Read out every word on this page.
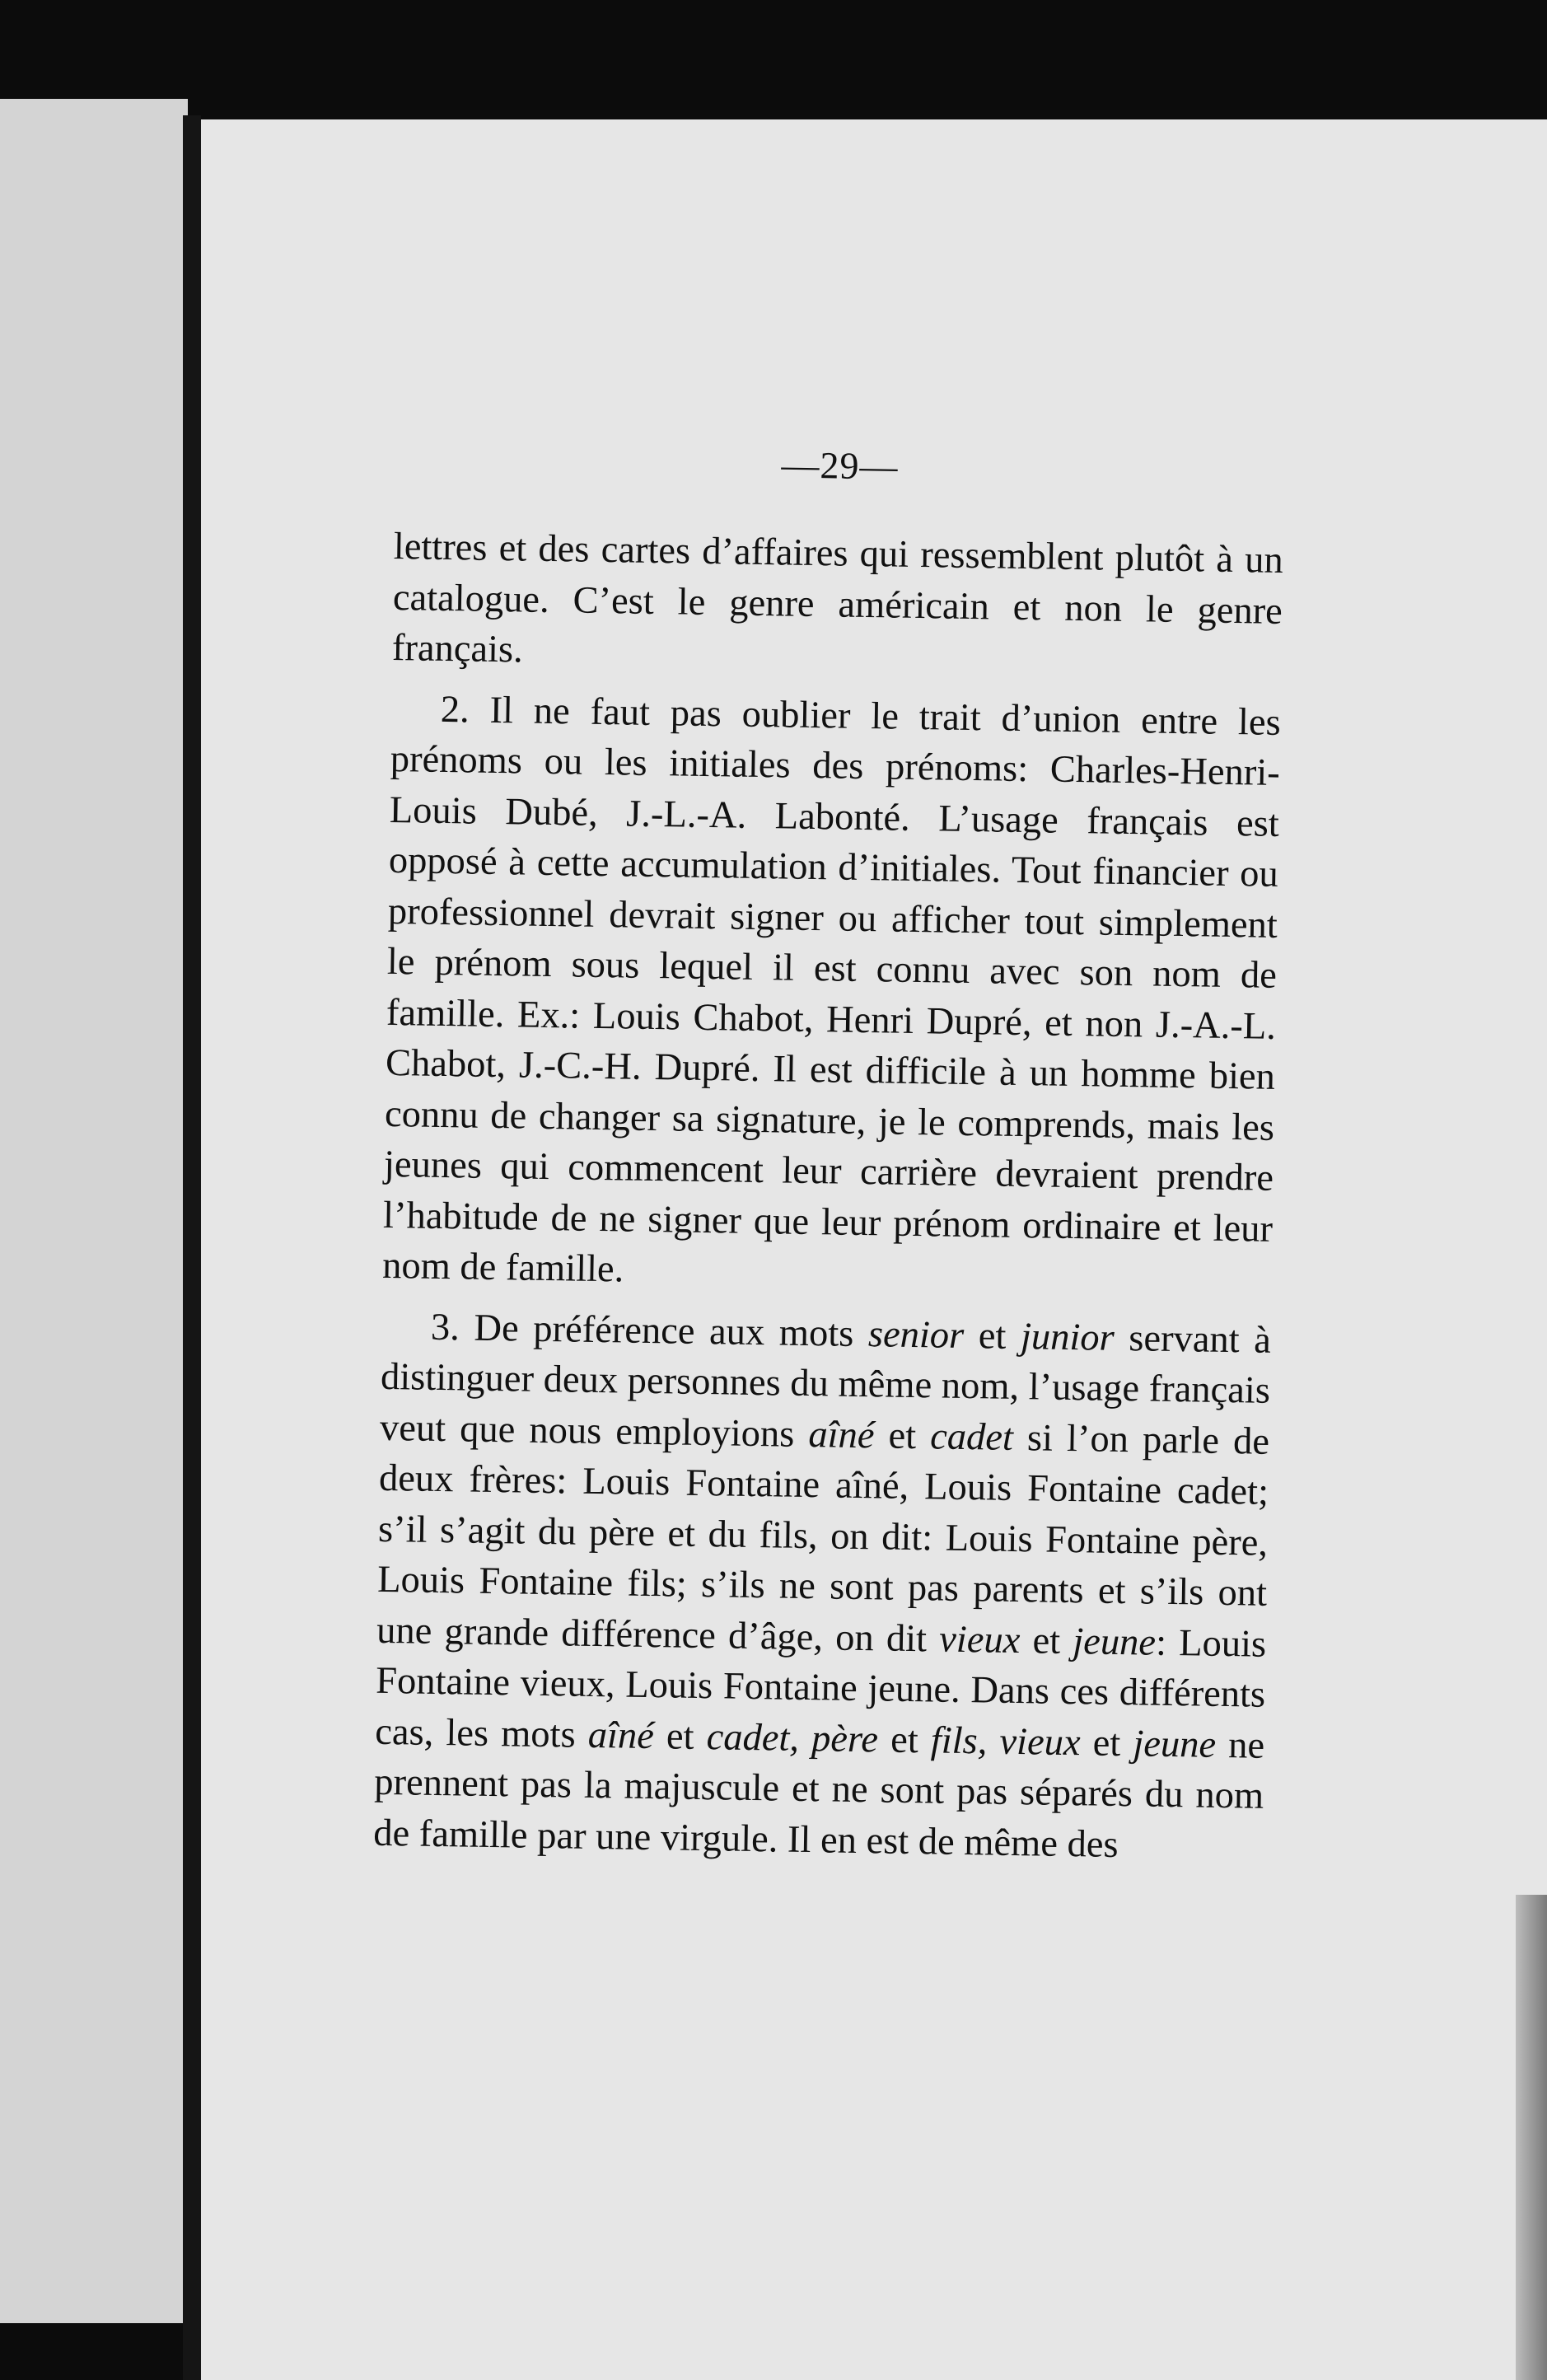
—29—

lettres et des cartes d’affaires qui ressemblent plutôt à un catalogue. C’est le genre américain et non le genre français.

2. Il ne faut pas oublier le trait d’union entre les prénoms ou les initiales des prénoms: Charles-Henri-Louis Dubé, J.-L.-A. Labonté. L’usage français est opposé à cette accumulation d’initiales. Tout financier ou professionnel devrait signer ou afficher tout simplement le prénom sous lequel il est connu avec son nom de famille. Ex.: Louis Chabot, Henri Dupré, et non J.-A.-L. Chabot, J.-C.-H. Dupré. Il est difficile à un homme bien connu de changer sa signature, je le comprends, mais les jeunes qui commencent leur carrière devraient prendre l’habitude de ne signer que leur prénom ordinaire et leur nom de famille.

3. De préférence aux mots senior et junior servant à distinguer deux personnes du même nom, l’usage français veut que nous employions aîné et cadet si l’on parle de deux frères: Louis Fontaine aîné, Louis Fontaine cadet; s’il s’agit du père et du fils, on dit: Louis Fontaine père, Louis Fontaine fils; s’ils ne sont pas parents et s’ils ont une grande différence d’âge, on dit vieux et jeune: Louis Fontaine vieux, Louis Fontaine jeune. Dans ces différents cas, les mots aîné et cadet, père et fils, vieux et jeune ne prennent pas la majuscule et ne sont pas séparés du nom de famille par une virgule. Il en est de même des
